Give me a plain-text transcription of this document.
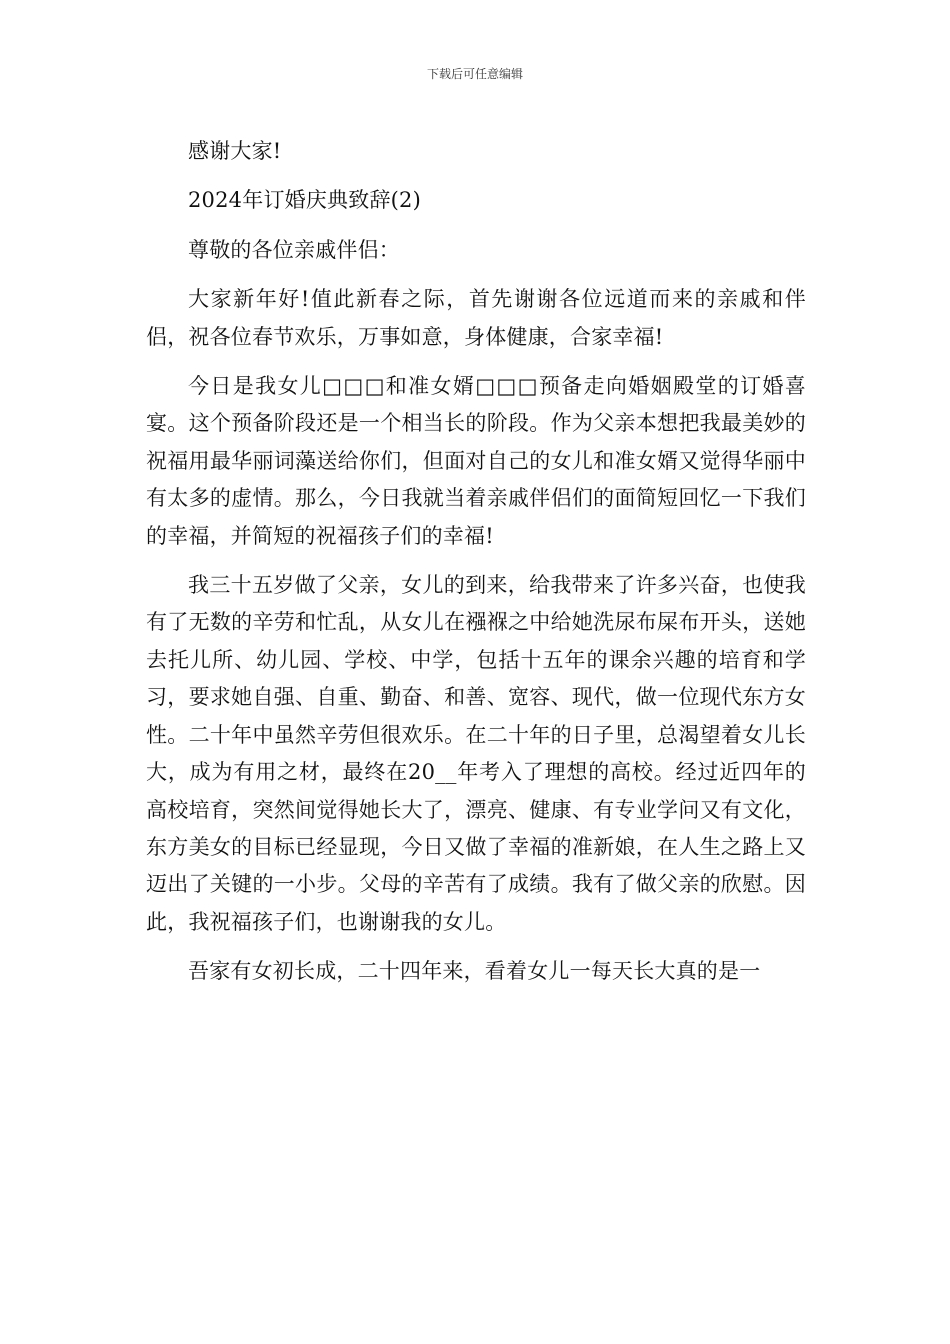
下载后可任意编辑

感谢大家!

2024年订婚庆典致辞(2)

尊敬的各位亲戚伴侣：

大家新年好!值此新春之际，首先谢谢各位远道而来的亲戚和伴侣，祝各位春节欢乐，万事如意，身体健康，合家幸福!

今日是我女儿□□□和准女婿□□□预备走向婚姻殿堂的订婚喜宴。这个预备阶段还是一个相当长的阶段。作为父亲本想把我最美妙的祝福用最华丽词藻送给你们，但面对自己的女儿和准女婿又觉得华丽中有太多的虚情。那么，今日我就当着亲戚伴侣们的面简短回忆一下我们的幸福，并简短的祝福孩子们的幸福!

我三十五岁做了父亲，女儿的到来，给我带来了许多兴奋，也使我有了无数的辛劳和忙乱，从女儿在襁褓之中给她洗尿布屎布开头，送她去托儿所、幼儿园、学校、中学，包括十五年的课余兴趣的培育和学习，要求她自强、自重、勤奋、和善、宽容、现代，做一位现代东方女性。二十年中虽然辛劳但很欢乐。在二十年的日子里，总渴望着女儿长大，成为有用之材，最终在20__年考入了理想的高校。经过近四年的高校培育，突然间觉得她长大了，漂亮、健康、有专业学问又有文化，东方美女的目标已经显现，今日又做了幸福的准新娘，在人生之路上又迈出了关键的一小步。父母的辛苦有了成绩。我有了做父亲的欣慰。因此，我祝福孩子们，也谢谢我的女儿。

吾家有女初长成，二十四年来，看着女儿一每天长大真的是一
